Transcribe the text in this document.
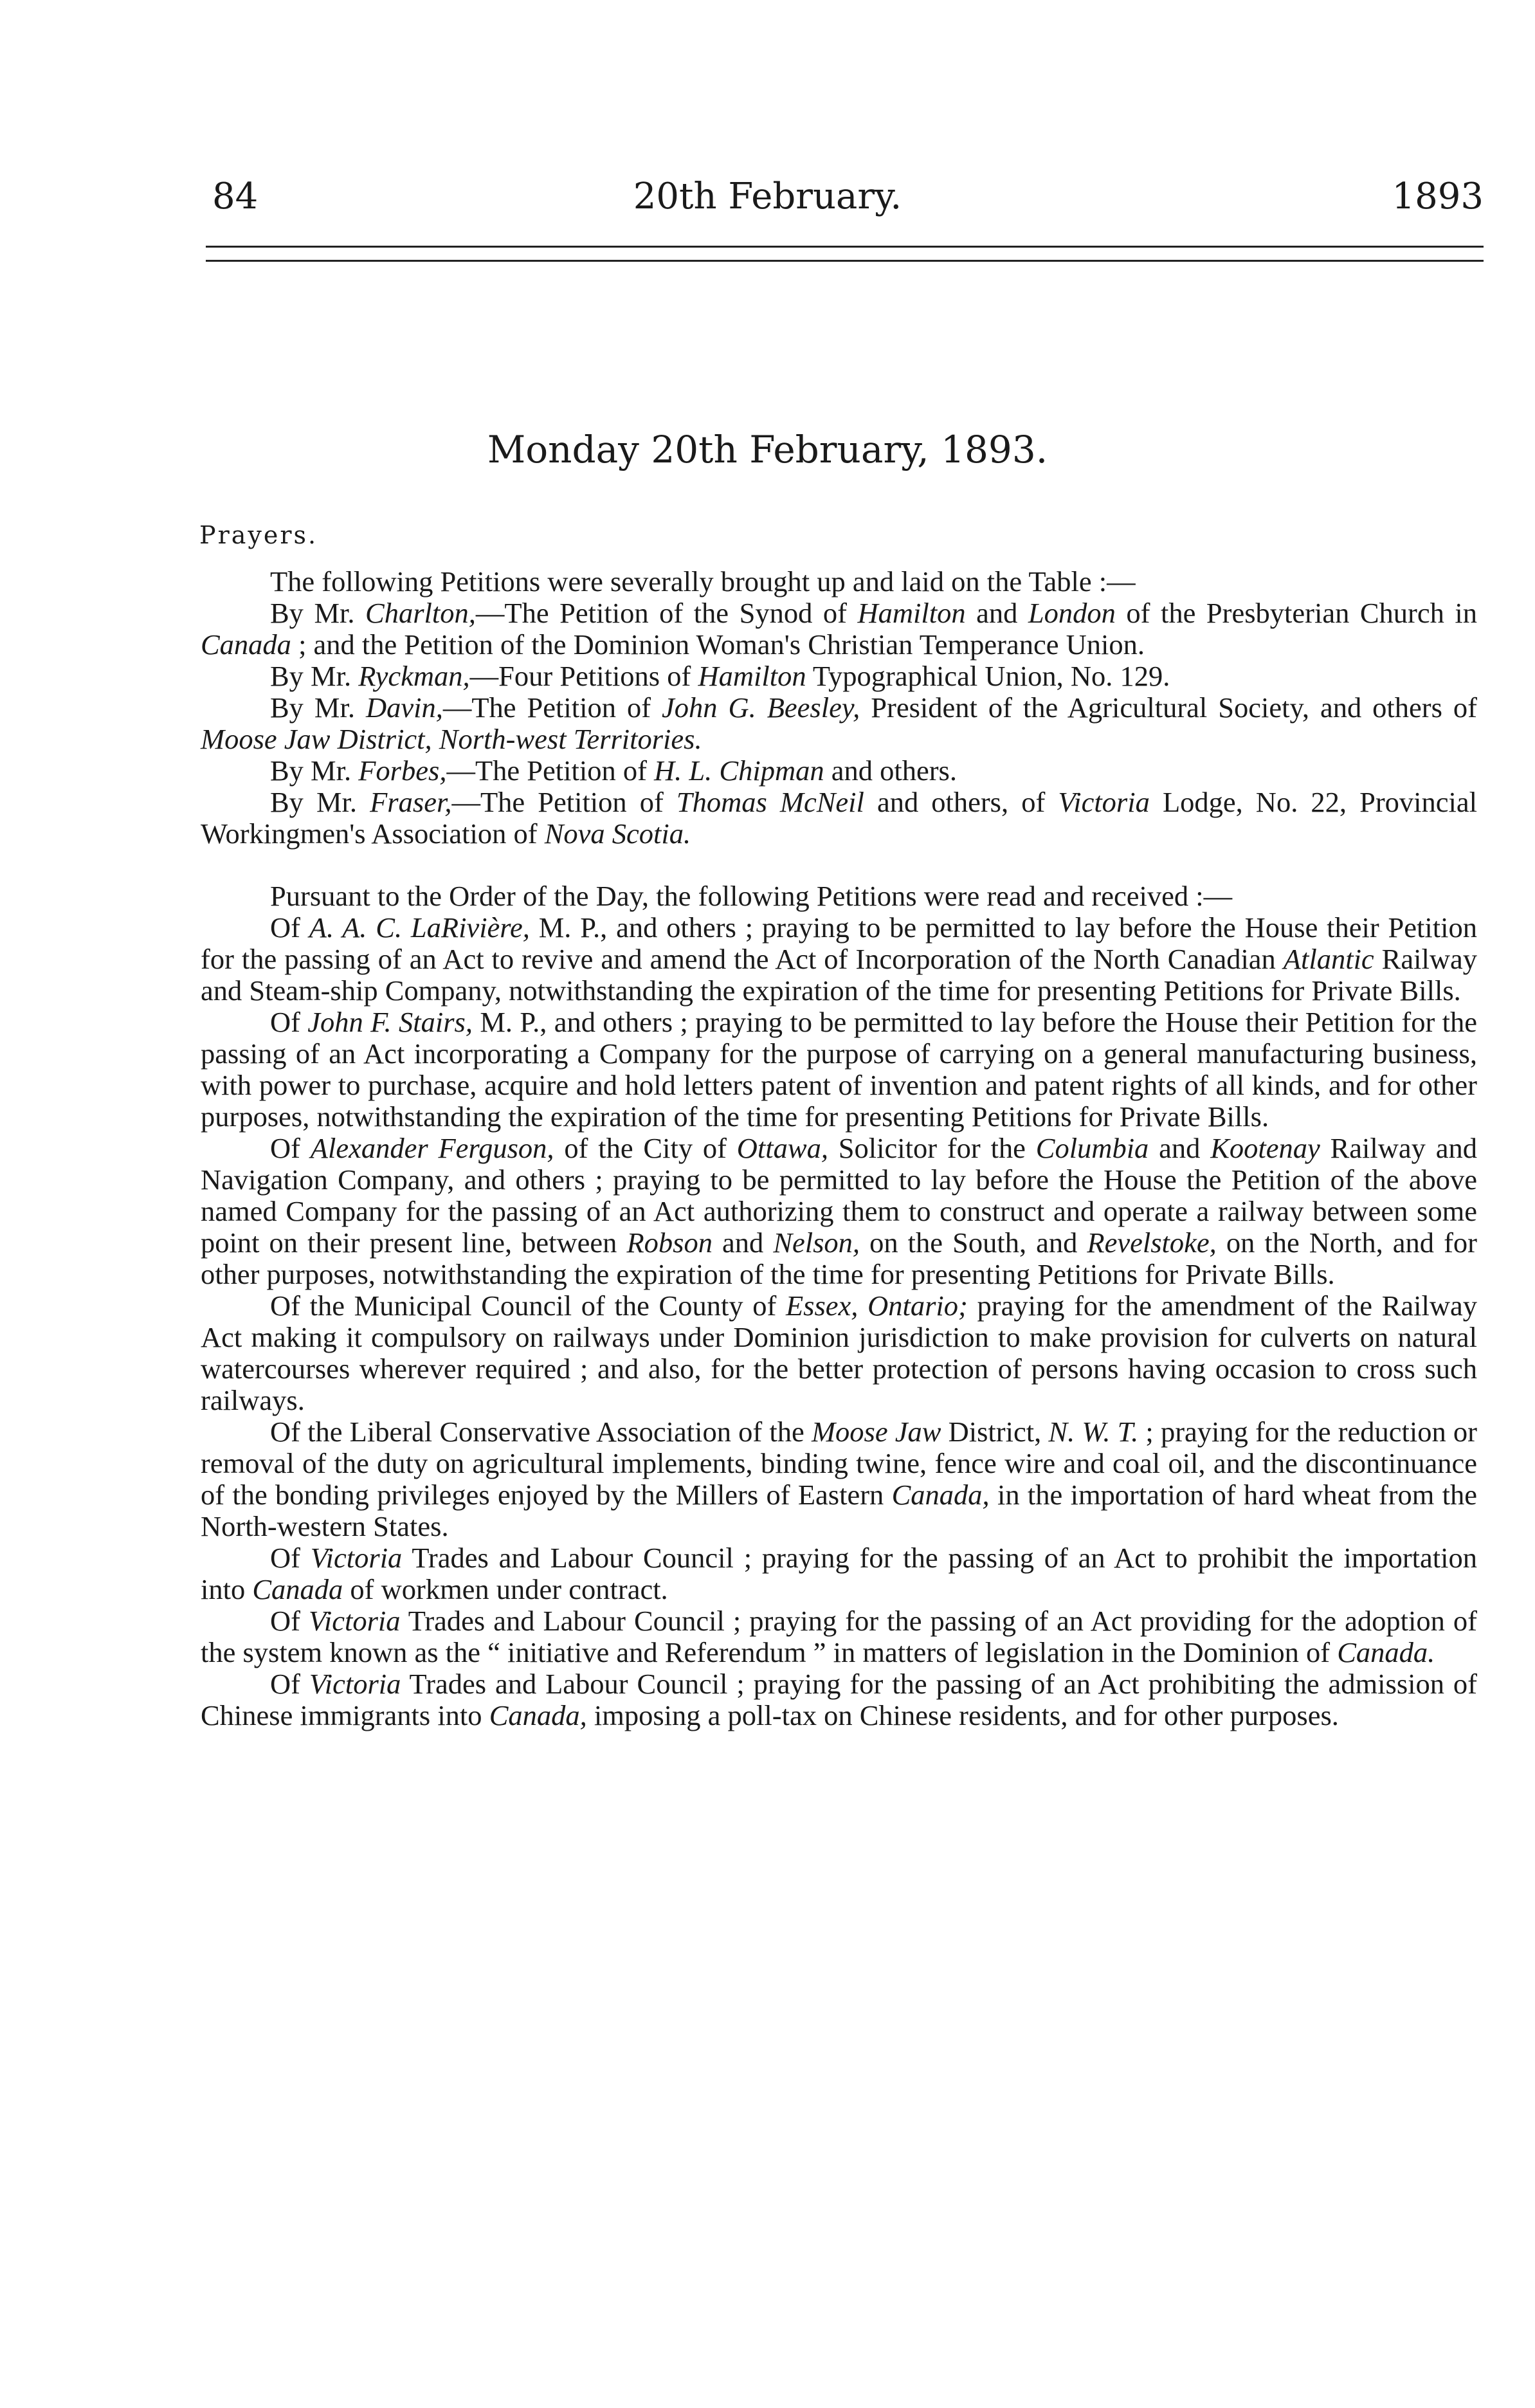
84	20th February.	1893
Monday 20th February, 1893.
Prayers.

The following Petitions were severally brought up and laid on the Table :—

By Mr. Charlton,—The Petition of the Synod of Hamilton and London of the Presbyterian Church in Canada ; and the Petition of the Dominion Woman's Christian Temperance Union.

By Mr. Ryckman,—Four Petitions of Hamilton Typographical Union, No. 129.

By Mr. Davin,—The Petition of John G. Beesley, President of the Agricultural Society, and others of Moose Jaw District, North-west Territories.

By Mr. Forbes,—The Petition of H. L. Chipman and others.

By Mr. Fraser,—The Petition of Thomas McNeil and others, of Victoria Lodge, No. 22, Provincial Workingmen's Association of Nova Scotia.

Pursuant to the Order of the Day, the following Petitions were read and received :—

Of A. A. C. LaRivière, M. P., and others ; praying to be permitted to lay before the House their Petition for the passing of an Act to revive and amend the Act of Incorporation of the North Canadian Atlantic Railway and Steam-ship Company, notwithstanding the expiration of the time for presenting Petitions for Private Bills.

Of John F. Stairs, M. P., and others ; praying to be permitted to lay before the House their Petition for the passing of an Act incorporating a Company for the purpose of carrying on a general manufacturing business, with power to purchase, acquire and hold letters patent of invention and patent rights of all kinds, and for other purposes, notwithstanding the expiration of the time for presenting Petitions for Private Bills.

Of Alexander Ferguson, of the City of Ottawa, Solicitor for the Columbia and Kootenay Railway and Navigation Company, and others ; praying to be permitted to lay before the House the Petition of the above named Company for the passing of an Act authorizing them to construct and operate a railway between some point on their present line, between Robson and Nelson, on the South, and Revelstoke, on the North, and for other purposes, notwithstanding the expiration of the time for presenting Petitions for Private Bills.

Of the Municipal Council of the County of Essex, Ontario; praying for the amendment of the Railway Act making it compulsory on railways under Dominion jurisdiction to make provision for culverts on natural watercourses wherever required ; and also, for the better protection of persons having occasion to cross such railways.

Of the Liberal Conservative Association of the Moose Jaw District, N. W. T. ; praying for the reduction or removal of the duty on agricultural implements, binding twine, fence wire and coal oil, and the discontinuance of the bonding privileges enjoyed by the Millers of Eastern Canada, in the importation of hard wheat from the North-western States.

Of Victoria Trades and Labour Council ; praying for the passing of an Act to prohibit the importation into Canada of workmen under contract.

Of Victoria Trades and Labour Council ; praying for the passing of an Act providing for the adoption of the system known as the “ initiative and Referendum ” in matters of legislation in the Dominion of Canada.

Of Victoria Trades and Labour Council ; praying for the passing of an Act prohibiting the admission of Chinese immigrants into Canada, imposing a poll-tax on Chinese residents, and for other purposes.
